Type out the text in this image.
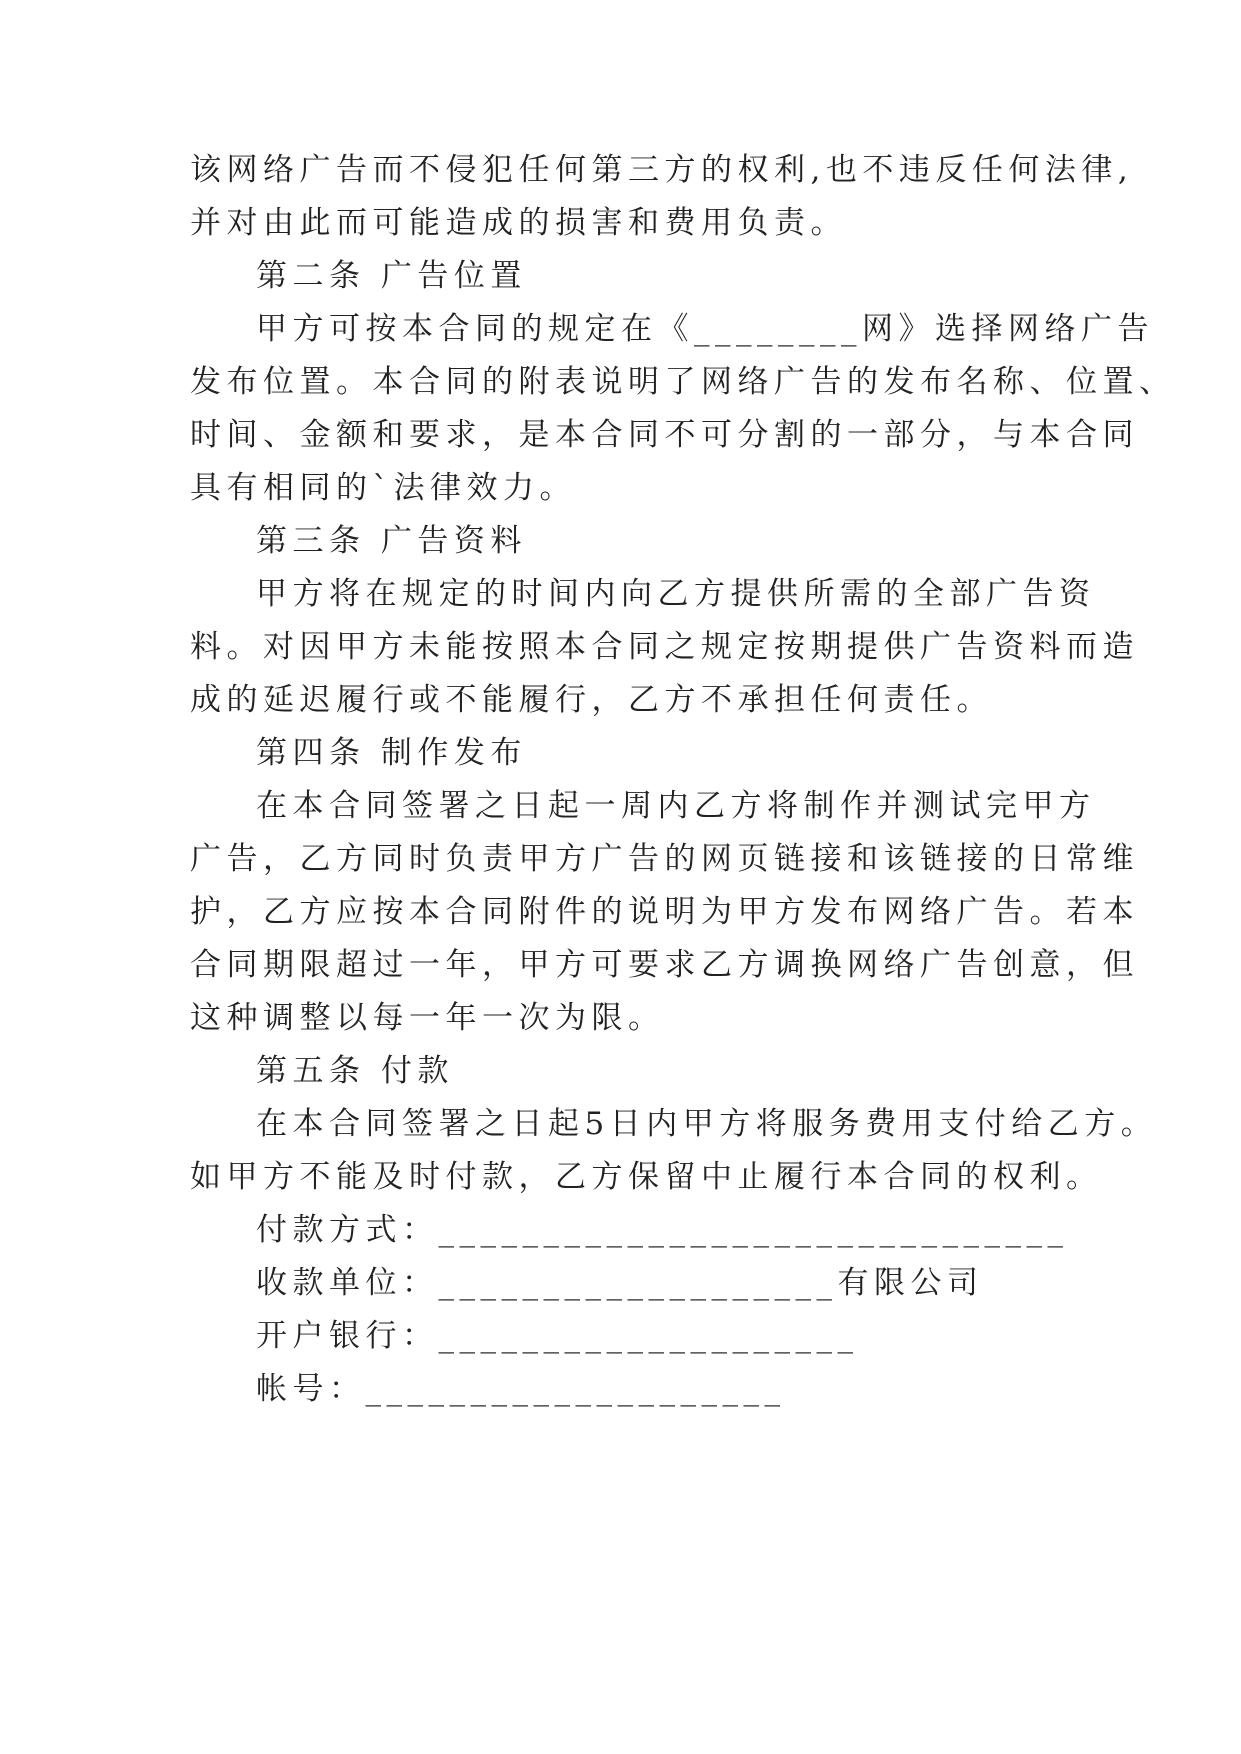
该网络广告而不侵犯任何第三方的权利,也不违反任何法律,
并对由此而可能造成的损害和费用负责。
第二条 广告位置
甲方可按本合同的规定在《________网》选择网络广告
发布位置。本合同的附表说明了网络广告的发布名称、位置、
时间、金额和要求，是本合同不可分割的一部分，与本合同
具有相同的`法律效力。
第三条 广告资料
甲方将在规定的时间内向乙方提供所需的全部广告资
料。对因甲方未能按照本合同之规定按期提供广告资料而造
成的延迟履行或不能履行，乙方不承担任何责任。
第四条 制作发布
在本合同签署之日起一周内乙方将制作并测试完甲方
广告，乙方同时负责甲方广告的网页链接和该链接的日常维
护，乙方应按本合同附件的说明为甲方发布网络广告。若本
合同期限超过一年，甲方可要求乙方调换网络广告创意，但
这种调整以每一年一次为限。
第五条 付款
在本合同签署之日起5日内甲方将服务费用支付给乙方。
如甲方不能及时付款，乙方保留中止履行本合同的权利。
付款方式：______________________________
收款单位：___________________有限公司
开户银行：____________________
帐号：____________________
